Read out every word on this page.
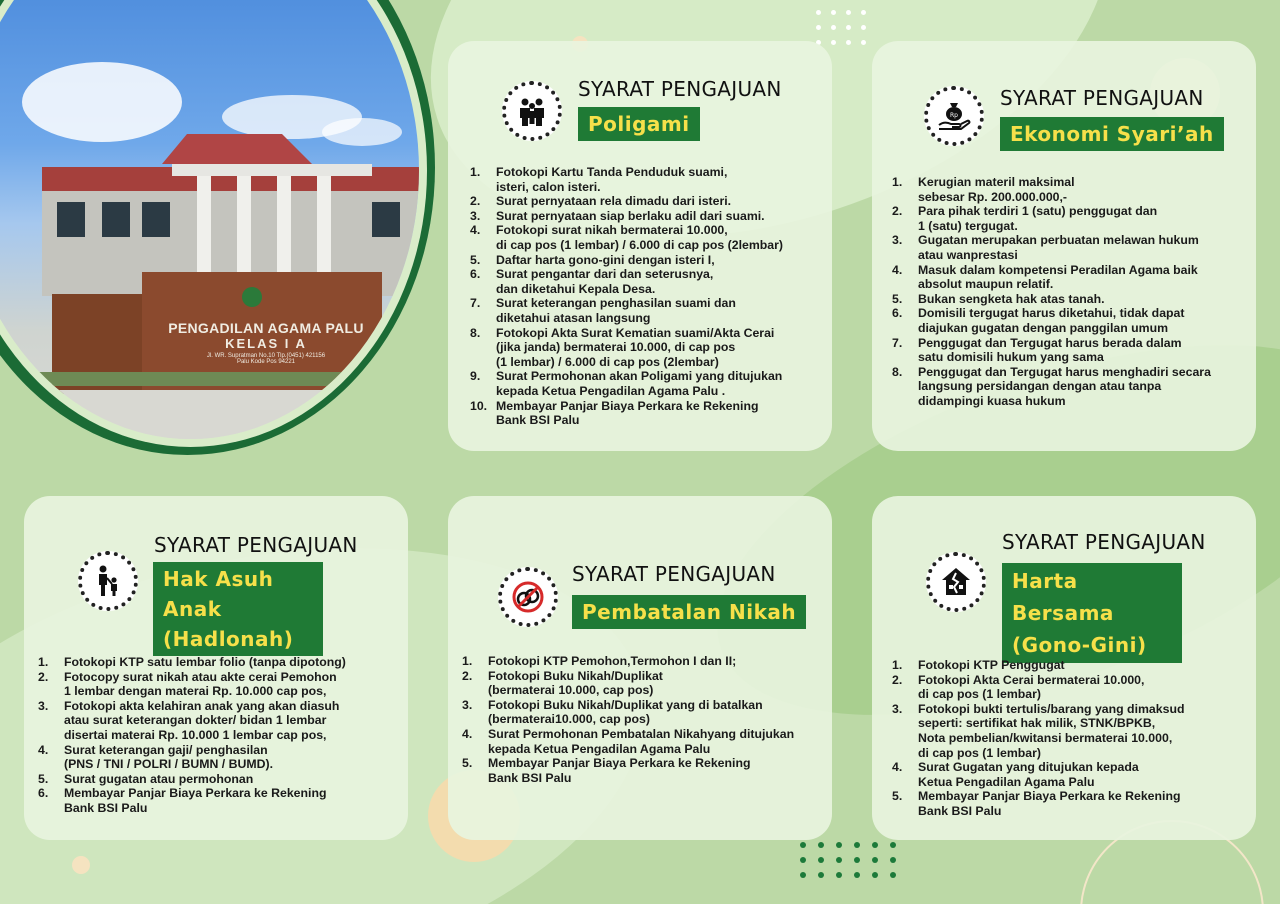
PENGADILAN AGAMA PALU
KELAS I A
Jl. WR. Supratman No.10 Tlp.(0451) 421156
Palu Kode Pos 94221
SYARAT PENGAJUAN
Poligami
1. Fotokopi Kartu Tanda Penduduk suami,
isteri, calon isteri.
2. Surat pernyataan rela dimadu dari isteri.
3. Surat pernyataan siap berlaku adil dari suami.
4. Fotokopi surat nikah bermaterai 10.000,
di cap pos (1 lembar) / 6.000 di cap pos (2lembar)
5. Daftar harta gono-gini dengan isteri I,
6. Surat pengantar dari dan seterusnya,
dan diketahui Kepala Desa.
7. Surat keterangan penghasilan suami dan
diketahui atasan langsung
8. Fotokopi Akta Surat Kematian suami/Akta Cerai
(jika janda) bermaterai 10.000, di cap pos
(1 lembar) / 6.000 di cap pos (2lembar)
9. Surat Permohonan akan Poligami yang ditujukan
kepada Ketua Pengadilan Agama Palu .
10. Membayar Panjar Biaya Perkara ke Rekening
Bank BSI Palu
Rp
SYARAT PENGAJUAN
Ekonomi Syari’ah
1. Kerugian materil maksimal
sebesar Rp. 200.000.000,-
2. Para pihak terdiri 1 (satu) penggugat dan
1 (satu) tergugat.
3. Gugatan merupakan perbuatan melawan hukum
atau wanprestasi
4. Masuk dalam kompetensi Peradilan Agama baik
absolut maupun relatif.
5. Bukan sengketa hak atas tanah.
6. Domisili tergugat harus diketahui, tidak dapat
diajukan gugatan dengan panggilan umum
7. Penggugat dan Tergugat harus berada dalam
satu domisili hukum yang sama
8. Penggugat dan Tergugat harus menghadiri secara
langsung persidangan dengan atau tanpa
didampingi kuasa hukum
SYARAT PENGAJUAN
Hak Asuh Anak
(Hadlonah)
1. Fotokopi KTP satu lembar folio (tanpa dipotong)
2. Fotocopy surat nikah atau akte cerai Pemohon
1 lembar dengan materai Rp. 10.000 cap pos,
3. Fotokopi akta kelahiran anak yang akan diasuh
atau surat keterangan dokter/ bidan 1 lembar
disertai materai Rp. 10.000 1 lembar cap pos,
4. Surat keterangan gaji/ penghasilan
(PNS / TNI / POLRI / BUMN / BUMD).
5. Surat gugatan atau permohonan
6. Membayar Panjar Biaya Perkara ke Rekening
Bank BSI Palu
SYARAT PENGAJUAN
Pembatalan Nikah
1. Fotokopi KTP Pemohon,Termohon I dan II;
2. Fotokopi Buku Nikah/Duplikat
(bermaterai 10.000, cap pos)
3. Fotokopi Buku Nikah/Duplikat yang di batalkan
(bermaterai10.000, cap pos)
4. Surat Permohonan Pembatalan Nikahyang ditujukan
kepada Ketua Pengadilan Agama Palu
5. Membayar Panjar Biaya Perkara ke Rekening
Bank BSI Palu
SYARAT PENGAJUAN
Harta Bersama
(Gono-Gini)
1. Fotokopi KTP Penggugat
2. Fotokopi Akta Cerai bermaterai 10.000,
di cap pos (1 lembar)
3. Fotokopi bukti tertulis/barang yang dimaksud
seperti: sertifikat hak milik, STNK/BPKB,
Nota pembelian/kwitansi bermaterai 10.000,
di cap pos (1 lembar)
4. Surat Gugatan yang ditujukan kepada
Ketua Pengadilan Agama Palu
5. Membayar Panjar Biaya Perkara ke Rekening
Bank BSI Palu
